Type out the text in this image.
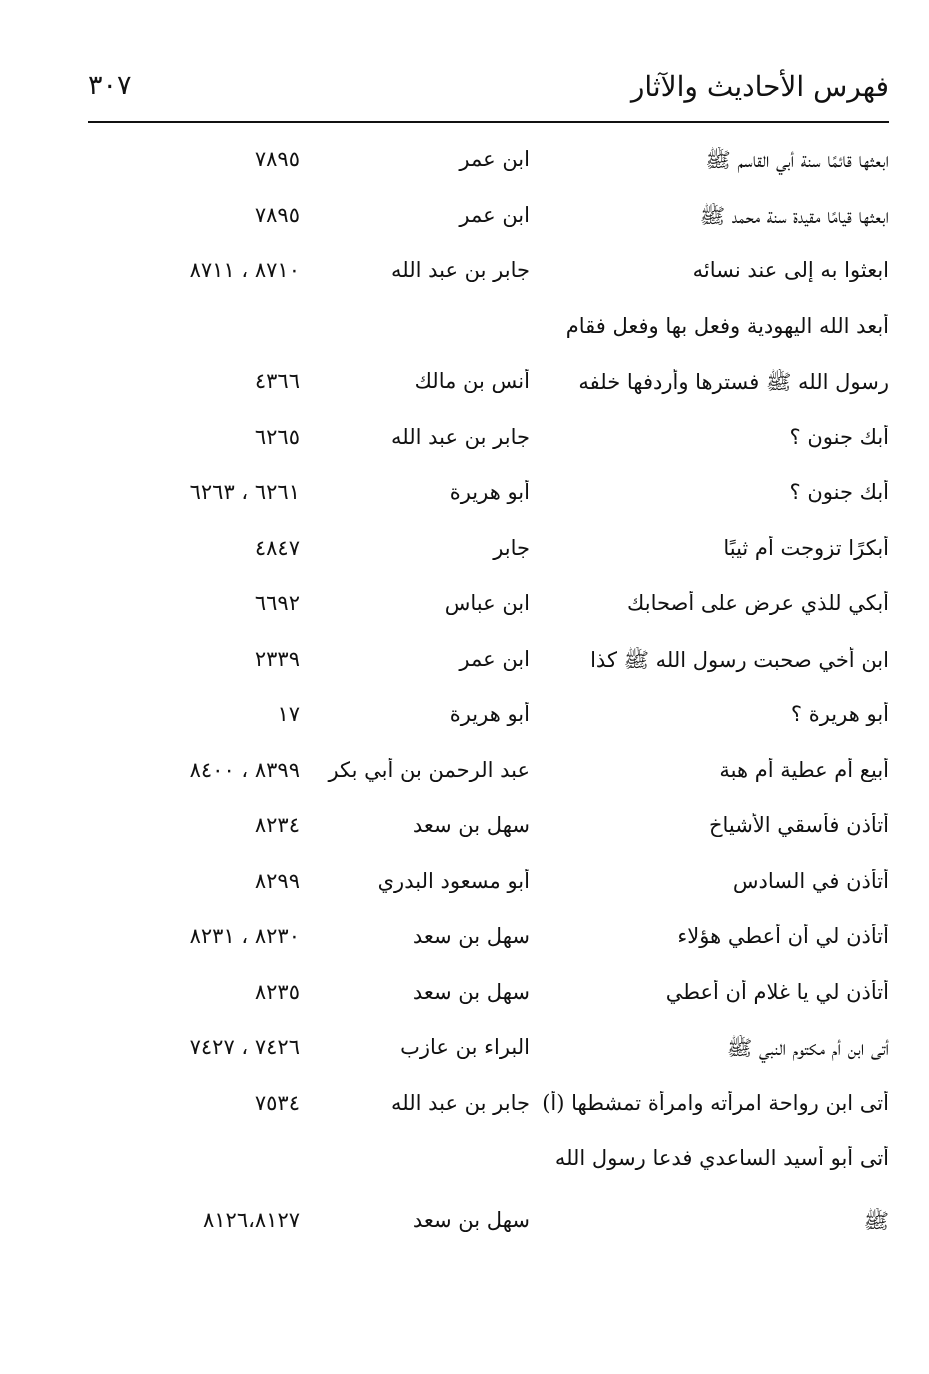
فهرس الأحاديث والآثار
٣٠٧
ابعثها قائمًا سنة أبي القاسم ﷺ
ابن عمر
٧٨٩٥
ابعثها قيامًا مقيدة سنة محمد ﷺ
ابن عمر
٧٨٩٥
ابعثوا به إلى عند نسائه
جابر بن عبد الله
٨٧١٠ ، ٨٧١١
أبعد الله اليهودية وفعل بها وفعل فقام
رسول الله ﷺ فسترها وأردفها خلفه
أنس بن مالك
٤٣٦٦
أبك جنون ؟
جابر بن عبد الله
٦٢٦٥
أبك جنون ؟
أبو هريرة
٦٢٦١ ، ٦٢٦٣
أبكرًا تزوجت أم ثيبًا
جابر
٤٨٤٧
أبكي للذي عرض على أصحابك
ابن عباس
٦٦٩٢
ابن أخي صحبت رسول الله ﷺ كذا
ابن عمر
٢٣٣٩
أبو هريرة ؟
أبو هريرة
١٧
أبيع أم عطية أم هبة
عبد الرحمن بن أبي بكر
٨٣٩٩ ، ٨٤٠٠
أتأذن فأسقي الأشياخ
سهل بن سعد
٨٢٣٤
أتأذن في السادس
أبو مسعود البدري
٨٢٩٩
أتأذن لي أن أعطي هؤلاء
سهل بن سعد
٨٢٣٠ ، ٨٢٣١
أتأذن لي يا غلام أن أعطي
سهل بن سعد
٨٢٣٥
أتى ابن أم مكتوم النبي ﷺ
البراء بن عازب
٧٤٢٦ ، ٧٤٢٧
أتى ابن رواحة امرأته وامرأة تمشطها (أ)
جابر بن عبد الله
٧٥٣٤
أتى أبو أسيد الساعدي فدعا رسول الله
ﷺ
سهل بن سعد
٨١٢٦،٨١٢٧
